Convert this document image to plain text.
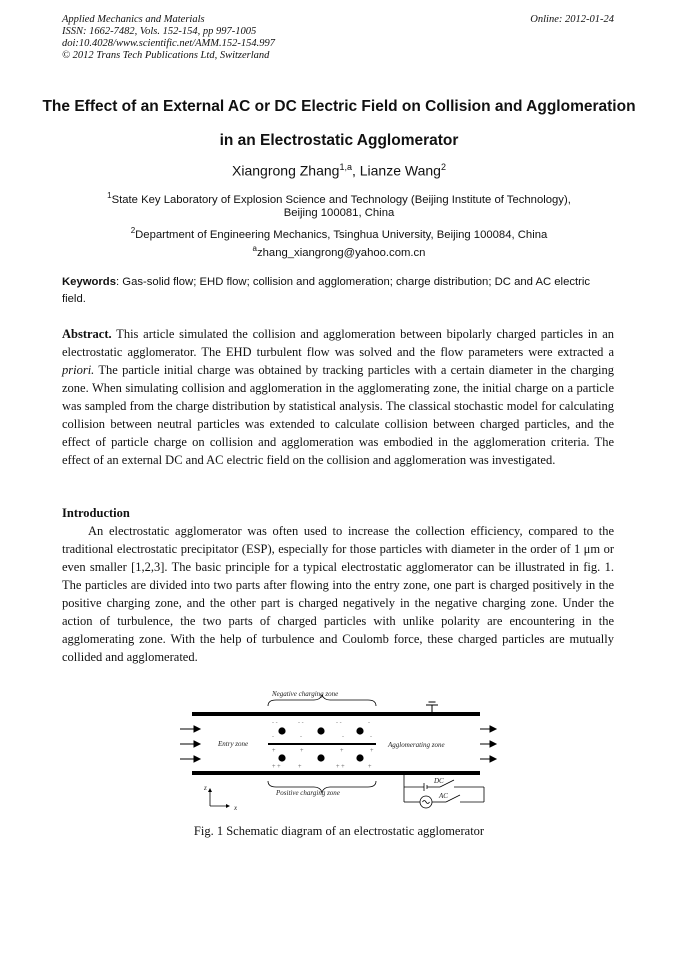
Applied Mechanics and Materials
ISSN: 1662-7482, Vols. 152-154, pp 997-1005
doi:10.4028/www.scientific.net/AMM.152-154.997
© 2012 Trans Tech Publications Ltd, Switzerland
Online: 2012-01-24
The Effect of an External AC or DC Electric Field on Collision and Agglomeration in an Electrostatic Agglomerator
Xiangrong Zhang$^{1,a}$, Lianze Wang$^2$
$^1$State Key Laboratory of Explosion Science and Technology (Beijing Institute of Technology),
Beijing 100081, China
$^2$Department of Engineering Mechanics, Tsinghua University, Beijing 100084, China
$^a$zhang_xiangrong@yahoo.com.cn
Keywords: Gas-solid flow; EHD flow; collision and agglomeration; charge distribution; DC and AC electric field.
Abstract. This article simulated the collision and agglomeration between bipolarly charged particles in an electrostatic agglomerator. The EHD turbulent flow was solved and the flow parameters were extracted a priori. The particle initial charge was obtained by tracking particles with a certain diameter in the charging zone. When simulating collision and agglomeration in the agglomerating zone, the initial charge on a particle was sampled from the charge distribution by statistical analysis. The classical stochastic model for calculating collision between neutral particles was extended to calculate collision between charged particles, and the effect of particle charge on collision and agglomeration was embodied in the agglomeration criteria. The effect of an external DC and AC electric field on the collision and agglomeration was investigated.
Introduction
An electrostatic agglomerator was often used to increase the collection efficiency, compared to the traditional electrostatic precipitator (ESP), especially for those particles with diameter in the order of 1 μm or even smaller [1,2,3]. The basic principle for a typical electrostatic agglomerator can be illustrated in fig. 1. The particles are divided into two parts after flowing into the entry zone, one part is charged positively in the positive charging zone, and the other part is charged negatively in the negative charging zone. Under the action of turbulence, the two parts of charged particles with unlike polarity are encountering in the agglomerating zone. With the help of turbulence and Coulomb force, these charged particles are mutually collided and agglomerated.
Negative charging zone
Positive charging zone
- -	- -	- -	-
-	-	-	-
+	+	+	+
+ +	+	+ +	+
Entry zone	Agglomerating zone
z
x
DC
AC
Fig. 1 Schematic diagram of an electrostatic agglomerator
